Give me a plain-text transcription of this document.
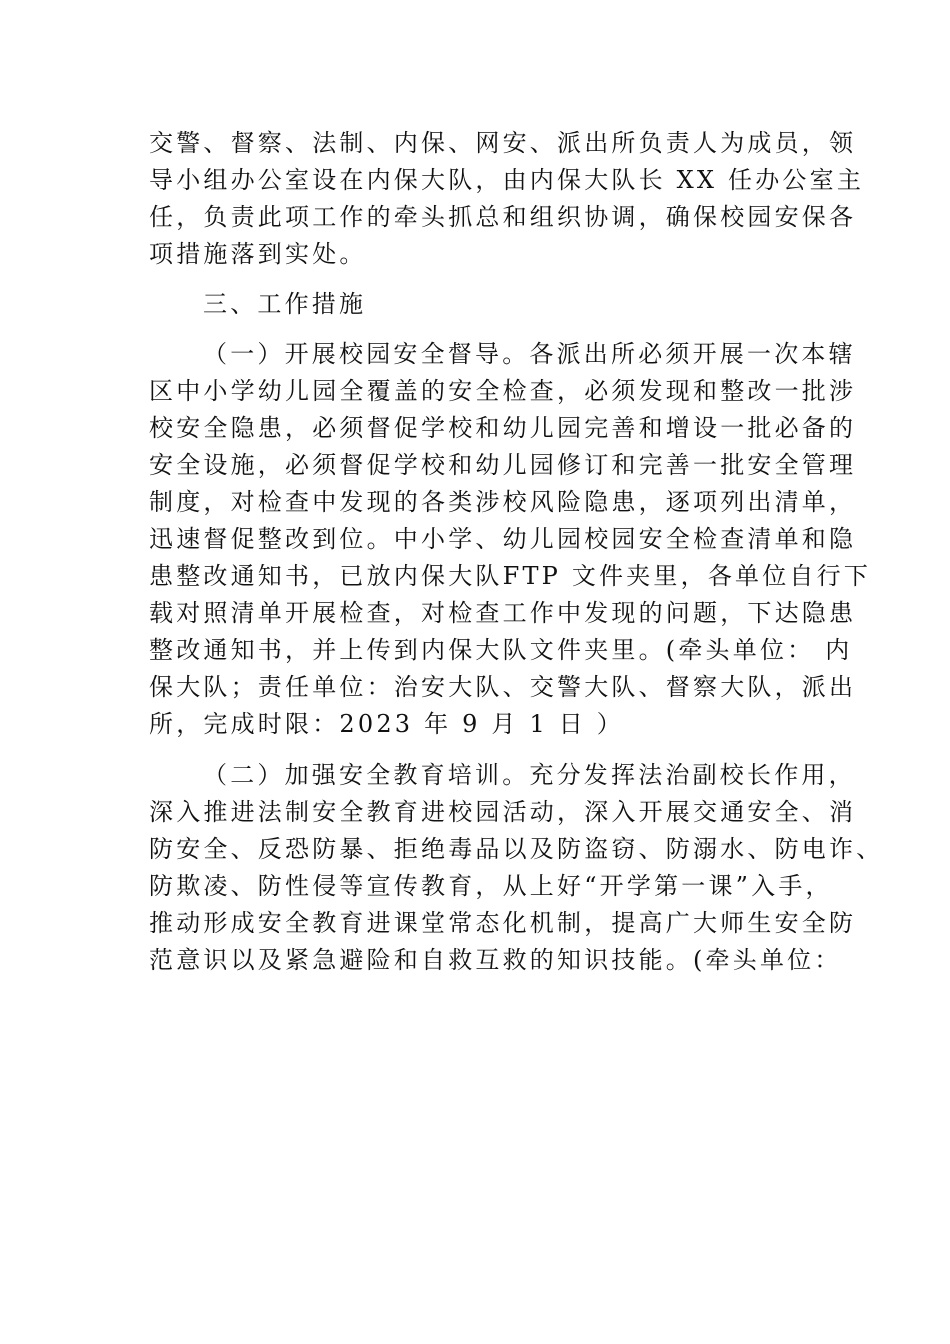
交警、督察、法制、内保、网安、派出所负责人为成员，领
导小组办公室设在内保大队，由内保大队长 XX 任办公室主
任，负责此项工作的牵头抓总和组织协调，确保校园安保各
项措施落到实处。

三、工作措施

（一）开展校园安全督导。各派出所必须开展一次本辖
区中小学幼儿园全覆盖的安全检查，必须发现和整改一批涉
校安全隐患，必须督促学校和幼儿园完善和增设一批必备的
安全设施，必须督促学校和幼儿园修订和完善一批安全管理
制度，对检查中发现的各类涉校风险隐患，逐项列出清单，
迅速督促整改到位。中小学、幼儿园校园安全检查清单和隐
患整改通知书，已放内保大队FTP 文件夹里，各单位自行下
载对照清单开展检查，对检查工作中发现的问题，下达隐患
整改通知书，并上传到内保大队文件夹里。(牵头单位： 内
保大队；责任单位：治安大队、交警大队、督察大队，派出
所，完成时限：2023 年 9 月 1 日 ）

（二）加强安全教育培训。充分发挥法治副校长作用，
深入推进法制安全教育进校园活动，深入开展交通安全、消
防安全、反恐防暴、拒绝毒品以及防盗窃、防溺水、防电诈、
防欺凌、防性侵等宣传教育，从上好“开学第一课”入手，
推动形成安全教育进课堂常态化机制，提高广大师生安全防
范意识以及紧急避险和自救互救的知识技能。(牵头单位：
